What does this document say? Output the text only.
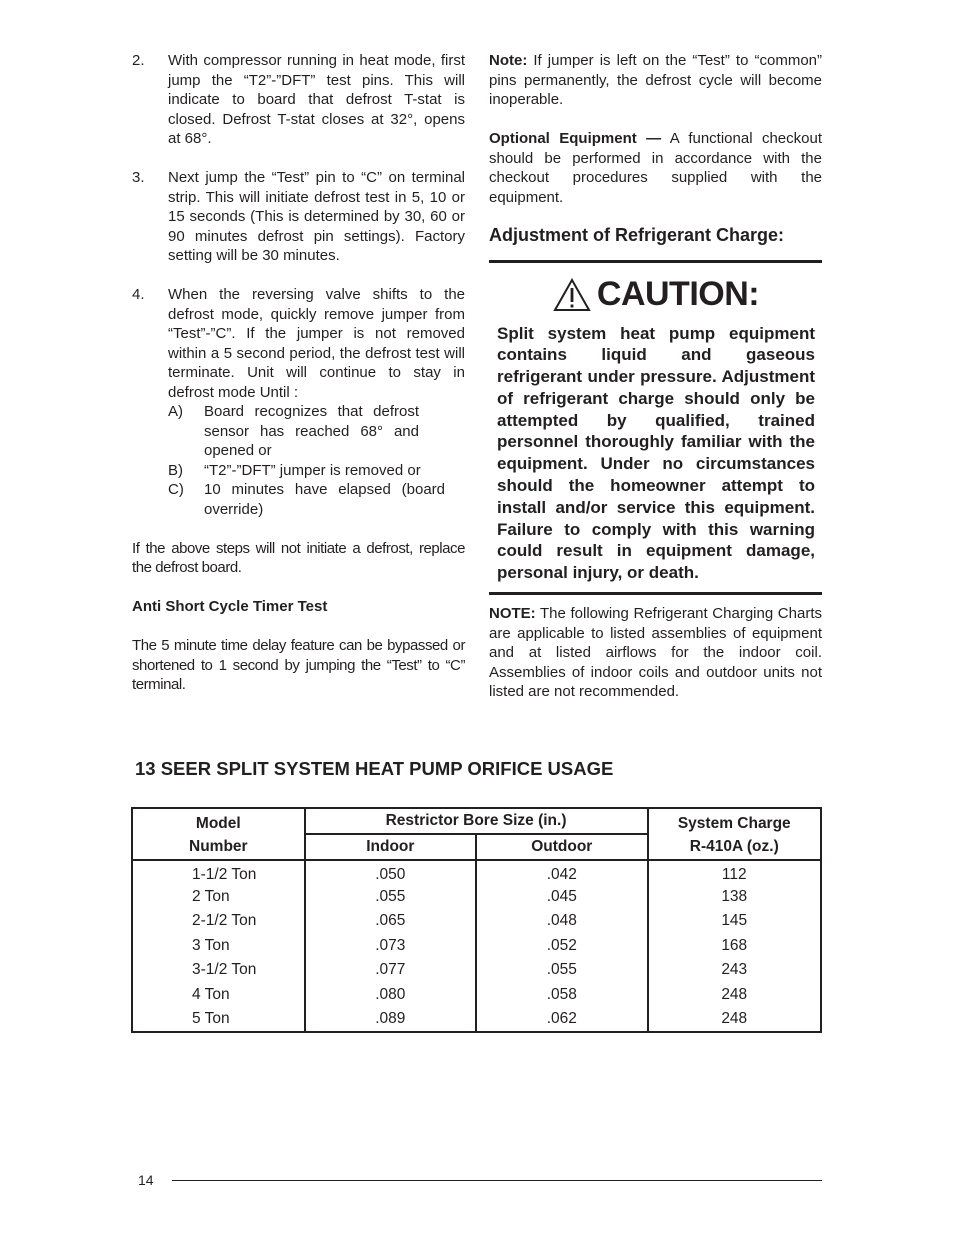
2.	With compressor running in heat mode, first jump the “T2”-”DFT” test pins. This will indicate to board that defrost T-stat is closed. Defrost T-stat closes at 32°, opens at 68°.
3.	Next jump the “Test” pin to “C” on terminal strip. This will initiate defrost test in 5, 10 or 15 seconds (This is determined by 30, 60 or 90 minutes defrost pin settings). Factory setting will be 30 minutes.
4.	When the reversing valve shifts to the defrost mode, quickly remove jumper from “Test”-”C”. If the jumper is not removed within a 5 second period, the defrost test will terminate. Unit will continue to stay in defrost mode Until :
A)	Board recognizes that defrost sensor has reached 68° and opened or
B)	“T2”-”DFT” jumper is removed or
C)	10 minutes have elapsed (board override)
If the above steps will not initiate a defrost, replace the defrost board.
Anti Short Cycle Timer Test
The 5 minute time delay feature can be bypassed or shortened to 1 second by jumping the “Test” to “C” terminal.
Note: If jumper is left on the “Test” to “common” pins permanently, the defrost cycle will become inoperable.
Optional Equipment — A functional checkout should be performed in accordance with the checkout procedures supplied with the equipment.
Adjustment of Refrigerant Charge:
CAUTION:
Split system heat pump equipment contains liquid and gaseous refrigerant under pressure. Adjustment of refrigerant charge should only be attempted by qualified, trained personnel thoroughly familiar with the equipment. Under no circumstances should the homeowner attempt to install and/or service this equipment. Failure to comply with this warning could result in equipment damage, personal injury, or death.
NOTE: The following Refrigerant Charging Charts are applicable to listed assemblies of equipment and at listed airflows for the indoor coil. Assemblies of indoor coils and outdoor units not listed are not recommended.
13 SEER SPLIT SYSTEM HEAT PUMP ORIFICE USAGE
Model	Restrictor Bore Size (in.)		System Charge
Number	Indoor	Outdoor	R-410A (oz.)
1-1/2 Ton	.050	.042	112
2 Ton	.055	.045	138
2-1/2 Ton	.065	.048	145
3 Ton	.073	.052	168
3-1/2 Ton	.077	.055	243
4 Ton	.080	.058	248
5 Ton	.089	.062	248
14
